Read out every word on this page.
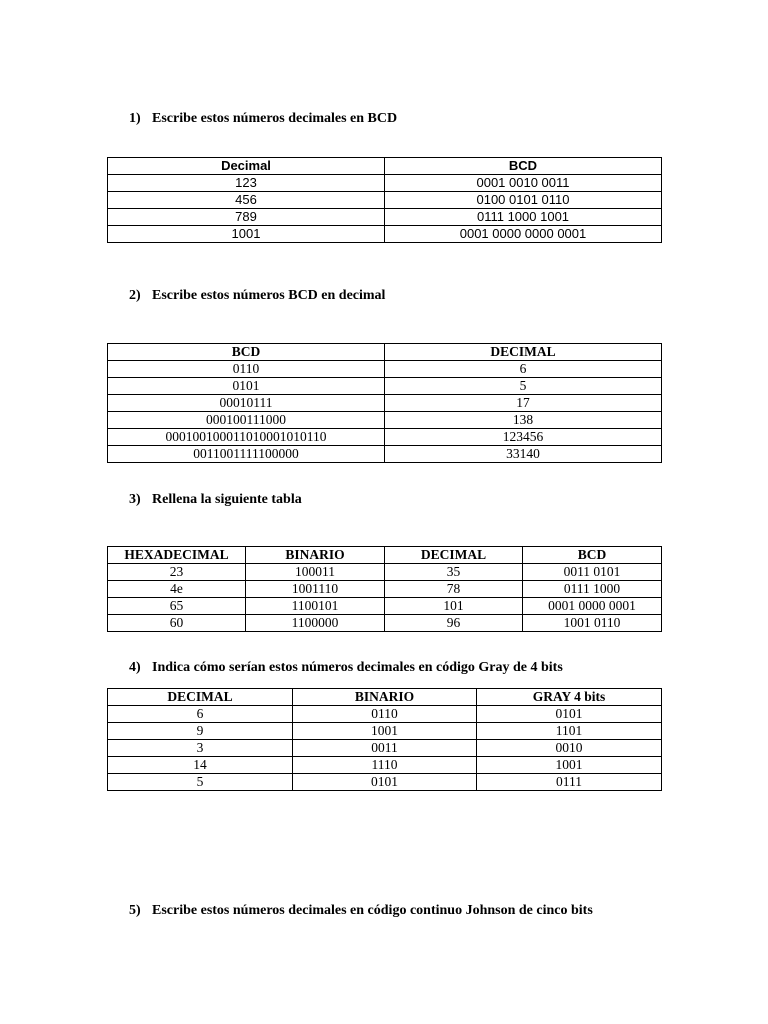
1) Escribe estos números decimales en BCD
Decimal	BCD
123	0001 0010 0011
456	0100 0101 0110
789	0111 1000 1001
1001	0001 0000 0000 0001
2) Escribe estos números BCD en decimal
BCD	DECIMAL
0110	6
0101	5
00010111	17
000100111000	138
000100100011010001010110	123456
0011001111100000	33140
3) Rellena la siguiente tabla
HEXADECIMAL	BINARIO	DECIMAL	BCD
23	100011	35	0011 0101
4e	1001110	78	0111 1000
65	1100101	101	0001 0000 0001
60	1100000	96	1001 0110
4) Indica cómo serían estos números decimales en código Gray de 4 bits
DECIMAL	BINARIO	GRAY 4 bits
6	0110	0101
9	1001	1101
3	0011	0010
14	1110	1001
5	0101	0111
5) Escribe estos números decimales en código continuo Johnson de cinco bits
